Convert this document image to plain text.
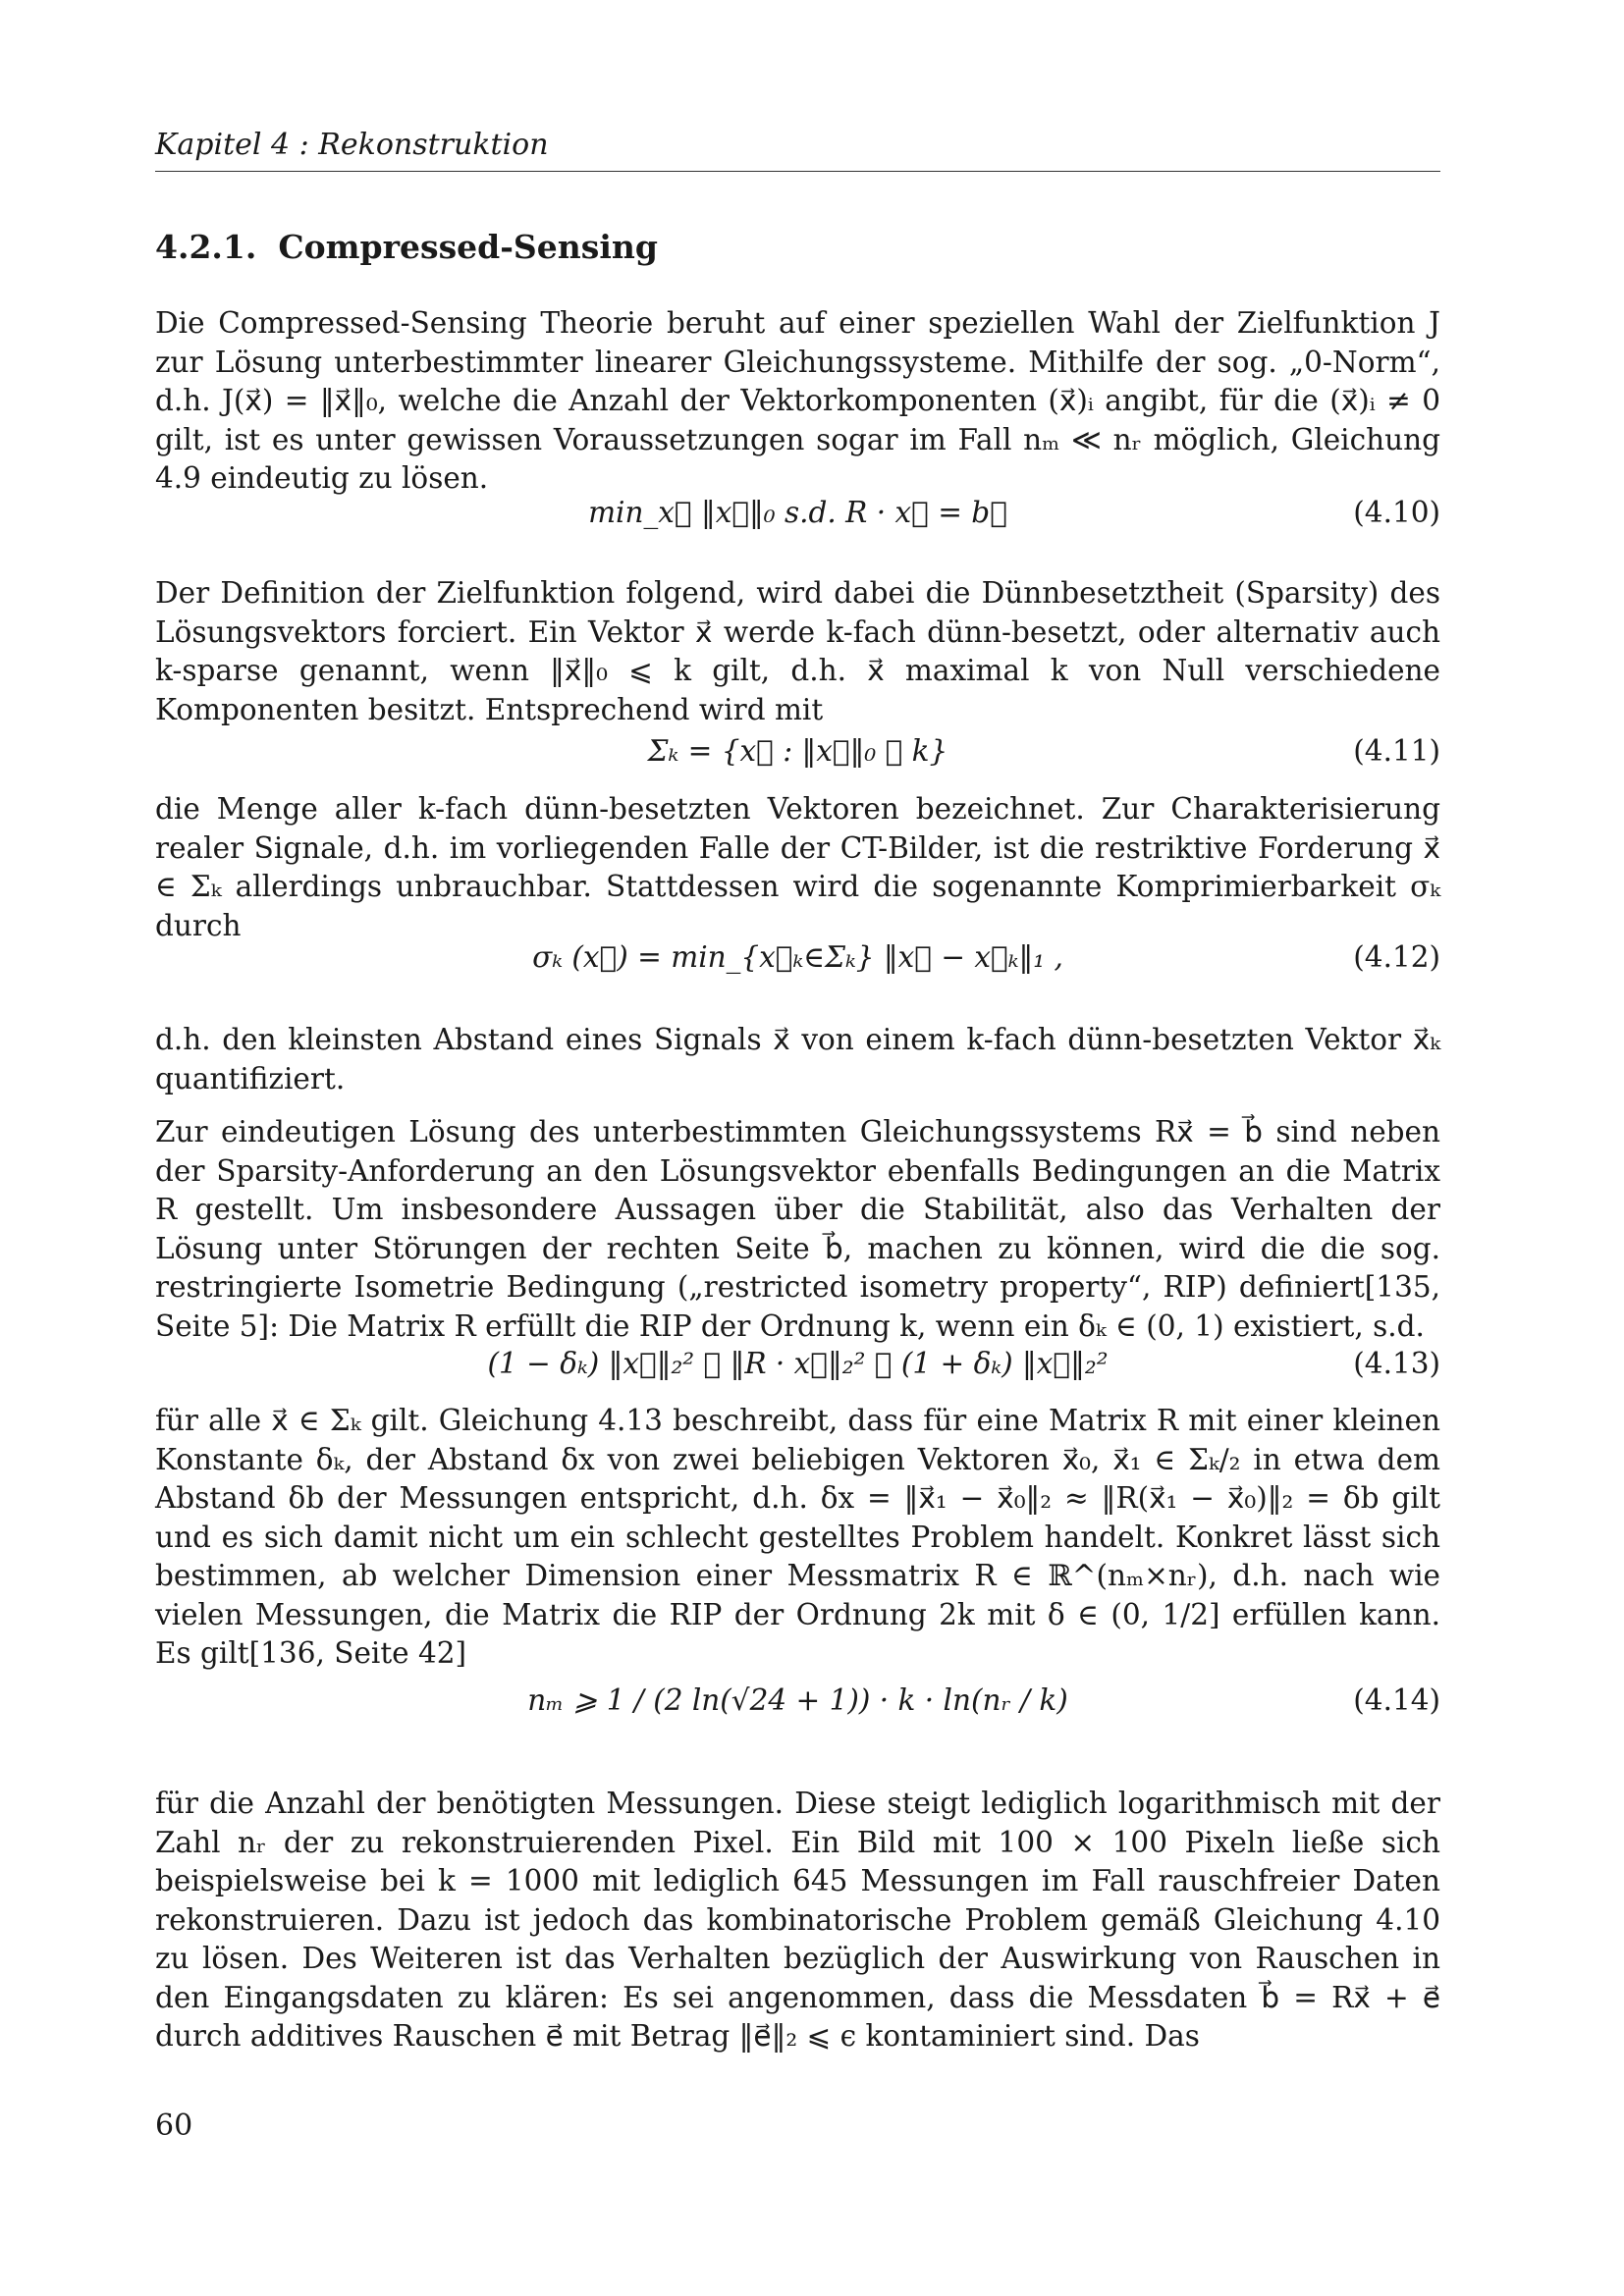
Kapitel 4 : Rekonstruktion
4.2.1. Compressed-Sensing
Die Compressed-Sensing Theorie beruht auf einer speziellen Wahl der Zielfunktion J zur Lösung unterbestimmter linearer Gleichungssysteme. Mithilfe der sog. „0-Norm“, d.h. J(x⃗) = ‖x⃗‖₀, welche die Anzahl der Vektorkomponenten (x⃗)ᵢ angibt, für die (x⃗)ᵢ ≠ 0 gilt, ist es unter gewissen Voraussetzungen sogar im Fall nₘ ≪ nᵣ möglich, Gleichung 4.9 eindeutig zu lösen.
min_x⃗ ‖x⃗‖₀ s.d. R · x⃗ = b⃗	(4.10)
Der Definition der Zielfunktion folgend, wird dabei die Dünnbesetztheit (Sparsity) des Lösungsvektors forciert. Ein Vektor x⃗ werde k-fach dünn-besetzt, oder alternativ auch k-sparse genannt, wenn ‖x⃗‖₀ ⩽ k gilt, d.h. x⃗ maximal k von Null verschiedene Komponenten besitzt. Entsprechend wird mit
Σₖ = {x⃗ : ‖x⃗‖₀ ⩽ k}	(4.11)
die Menge aller k-fach dünn-besetzten Vektoren bezeichnet. Zur Charakterisierung realer Signale, d.h. im vorliegenden Falle der CT-Bilder, ist die restriktive Forderung x⃗ ∈ Σₖ allerdings unbrauchbar. Stattdessen wird die sogenannte Komprimierbarkeit σₖ durch
σₖ (x⃗) = min_{x⃗ₖ∈Σₖ} ‖x⃗ − x⃗ₖ‖₁ ,	(4.12)
d.h. den kleinsten Abstand eines Signals x⃗ von einem k-fach dünn-besetzten Vektor x⃗ₖ quantifiziert.
Zur eindeutigen Lösung des unterbestimmten Gleichungssystems Rx⃗ = b⃗ sind neben der Sparsity-Anforderung an den Lösungsvektor ebenfalls Bedingungen an die Matrix R gestellt. Um insbesondere Aussagen über die Stabilität, also das Verhalten der Lösung unter Störungen der rechten Seite b⃗, machen zu können, wird die die sog. restringierte Isometrie Bedingung („restricted isometry property“, RIP) definiert[135, Seite 5]: Die Matrix R erfüllt die RIP der Ordnung k, wenn ein δₖ ∈ (0, 1) existiert, s.d.
(1 − δₖ) ‖x⃗‖₂² ⩽ ‖R · x⃗‖₂² ⩽ (1 + δₖ) ‖x⃗‖₂²	(4.13)
für alle x⃗ ∈ Σₖ gilt. Gleichung 4.13 beschreibt, dass für eine Matrix R mit einer kleinen Konstante δₖ, der Abstand δx von zwei beliebigen Vektoren x⃗₀, x⃗₁ ∈ Σₖ/₂ in etwa dem Abstand δb der Messungen entspricht, d.h. δx = ‖x⃗₁ − x⃗₀‖₂ ≈ ‖R(x⃗₁ − x⃗₀)‖₂ = δb gilt und es sich damit nicht um ein schlecht gestelltes Problem handelt. Konkret lässt sich bestimmen, ab welcher Dimension einer Messmatrix R ∈ ℝ^(nₘ×nᵣ), d.h. nach wie vielen Messungen, die Matrix die RIP der Ordnung 2k mit δ ∈ (0, 1/2] erfüllen kann. Es gilt[136, Seite 42]
nₘ ⩾ 1 / (2 ln(√24 + 1)) · k · ln(nᵣ / k)	(4.14)
für die Anzahl der benötigten Messungen. Diese steigt lediglich logarithmisch mit der Zahl nᵣ der zu rekonstruierenden Pixel. Ein Bild mit 100 × 100 Pixeln ließe sich beispielsweise bei k = 1000 mit lediglich 645 Messungen im Fall rauschfreier Daten rekonstruieren. Dazu ist jedoch das kombinatorische Problem gemäß Gleichung 4.10 zu lösen. Des Weiteren ist das Verhalten bezüglich der Auswirkung von Rauschen in den Eingangsdaten zu klären: Es sei angenommen, dass die Messdaten b⃗ = Rx⃗ + e⃗ durch additives Rauschen e⃗ mit Betrag ‖e⃗‖₂ ⩽ ϵ kontaminiert sind. Das
60
